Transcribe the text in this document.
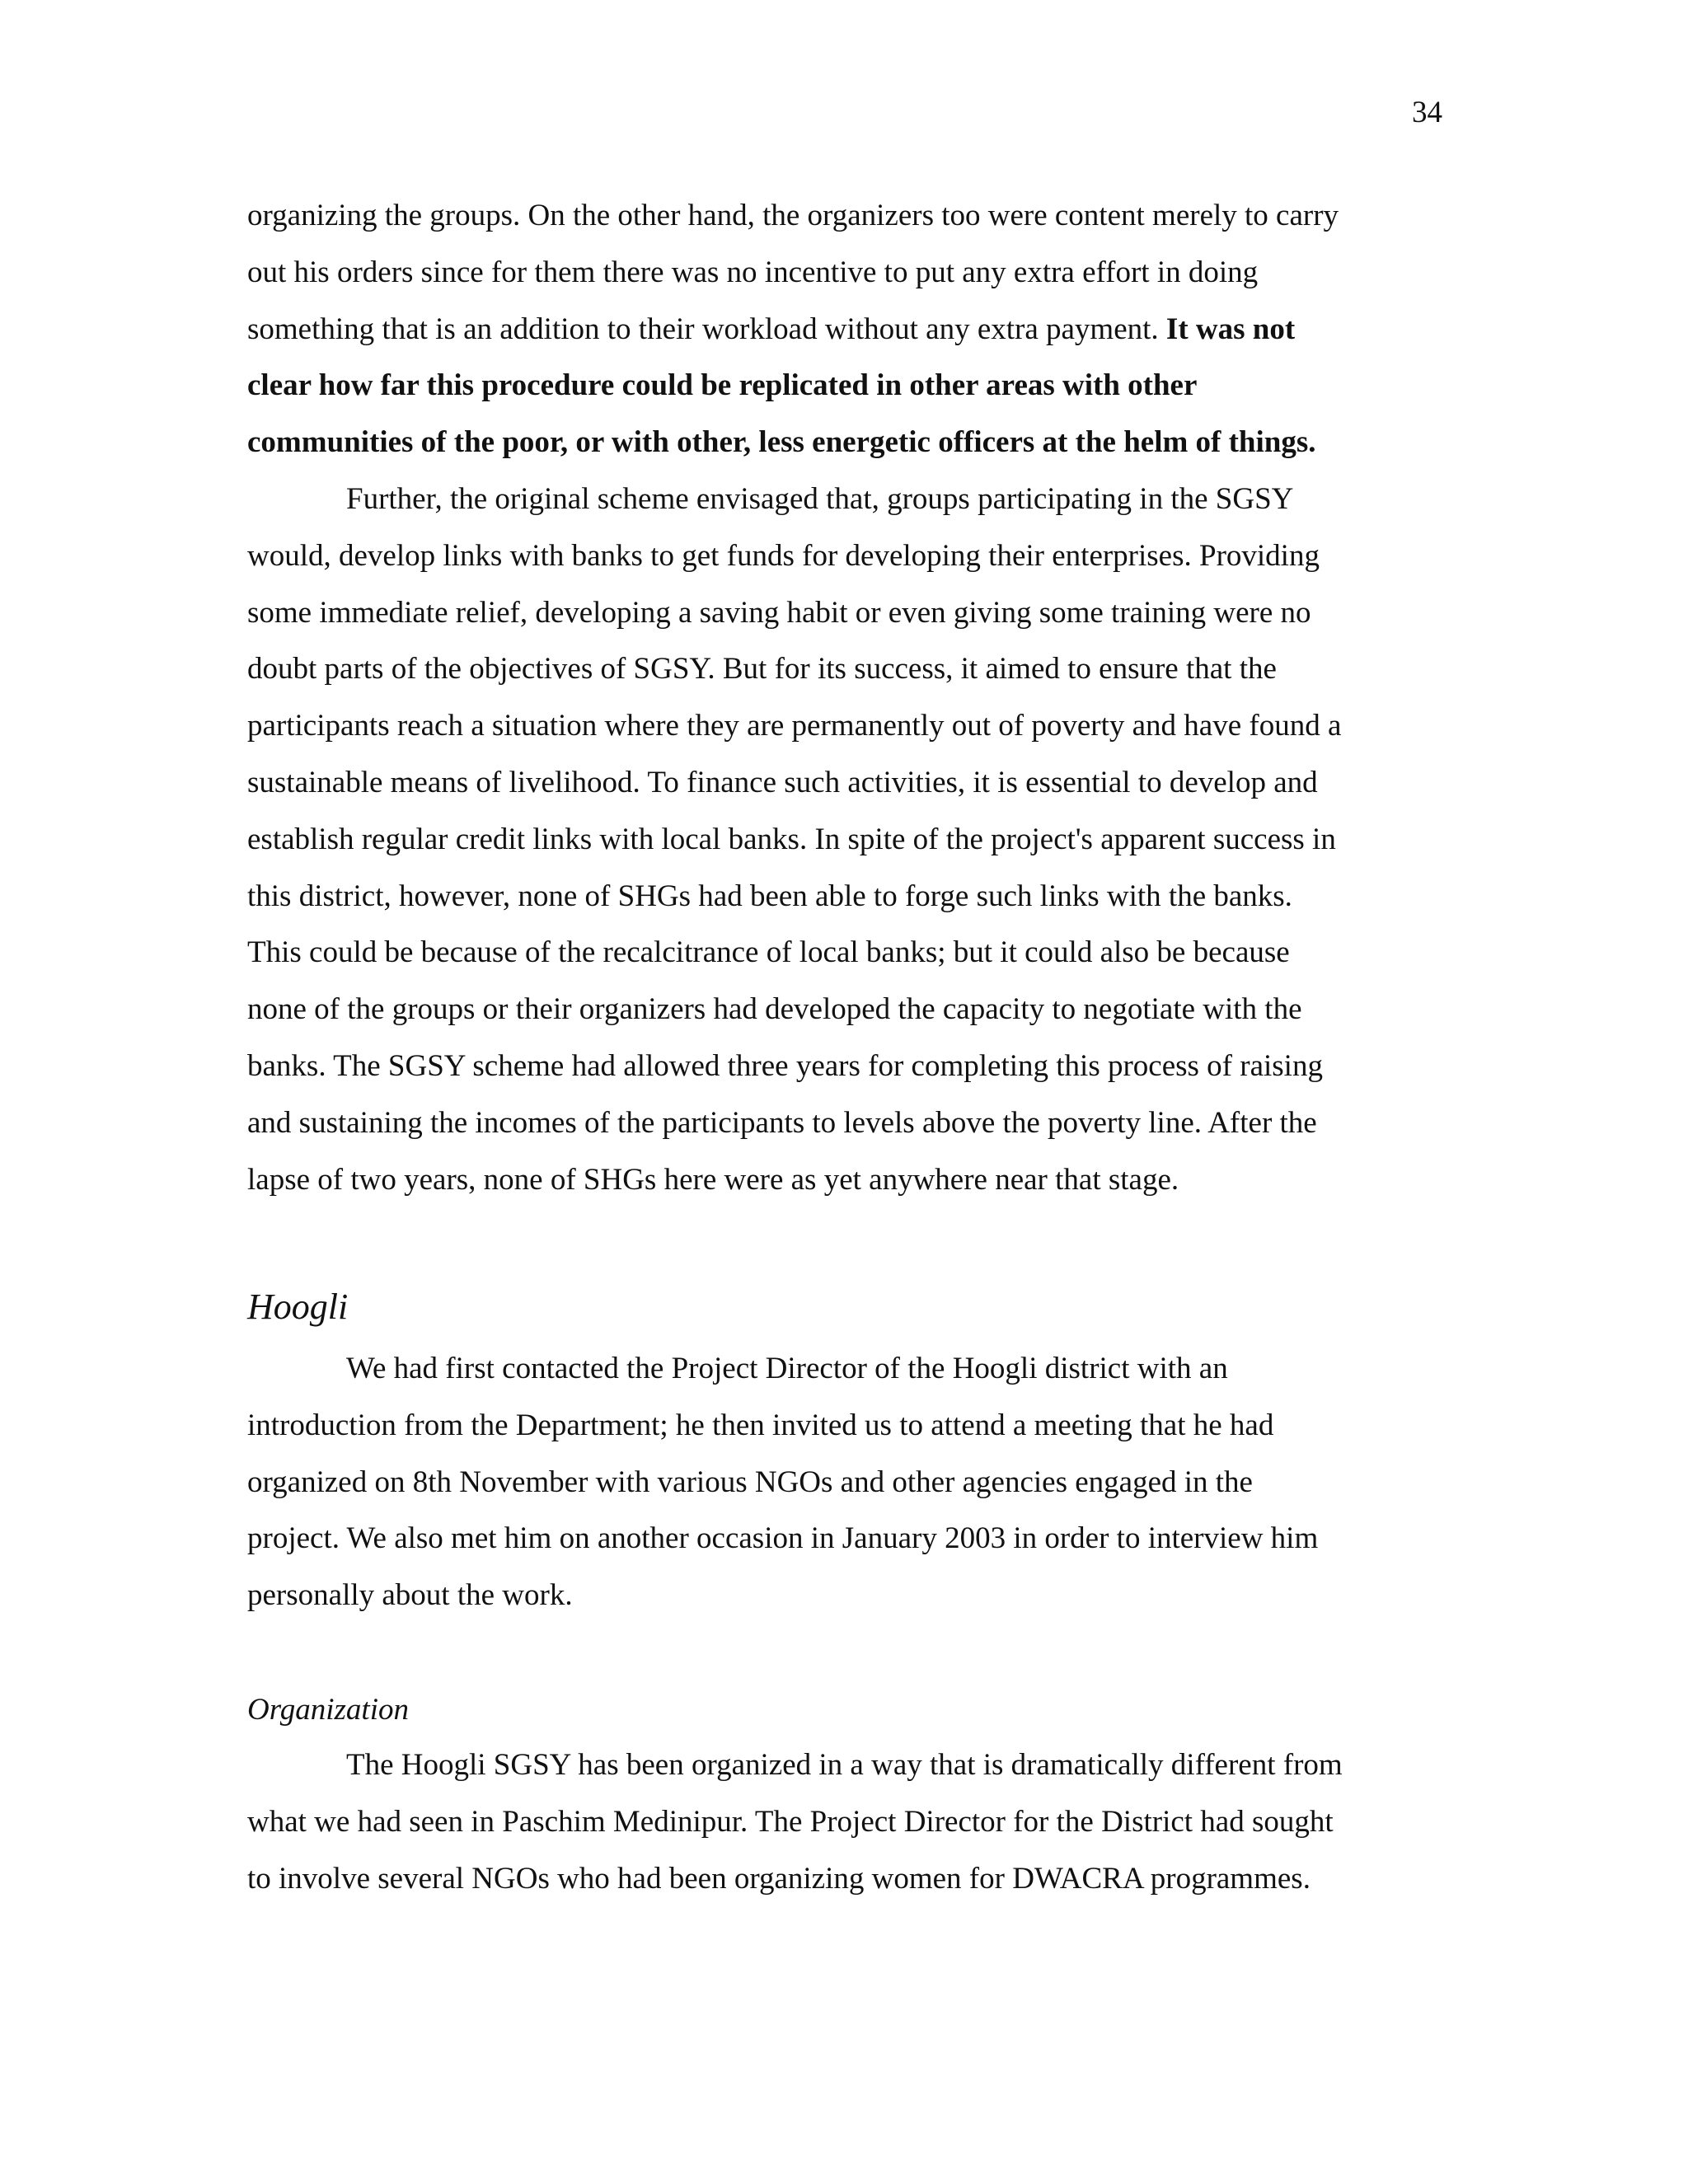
34
organizing the groups. On the other hand, the organizers too were content merely to carry
out his orders since for them there was no incentive to put any extra effort in doing
something that is an addition to their workload without any extra payment. It was not
clear how far this procedure could be replicated in other areas with other
communities of the poor, or with other, less energetic officers at the helm of things.
Further, the original scheme envisaged that, groups participating in the SGSY
would, develop links with banks to get funds for developing their enterprises. Providing
some immediate relief, developing a saving habit or even giving some training were no
doubt parts of the objectives of SGSY. But for its success, it aimed to ensure that the
participants reach a situation where they are permanently out of poverty and have found a
sustainable means of livelihood. To finance such activities, it is essential to develop and
establish regular credit links with local banks. In spite of the project's apparent success in
this district, however, none of SHGs had been able to forge such links with the banks.
This could be because of the recalcitrance of local banks; but it could also be because
none of the groups or their organizers had developed the capacity to negotiate with the
banks. The SGSY scheme had allowed three years for completing this process of raising
and sustaining the incomes of the participants to levels above the poverty line. After the
lapse of two years, none of SHGs here were as yet anywhere near that stage.
Hoogli
We had first contacted the Project Director of the Hoogli district with an
introduction from the Department; he then invited us to attend a meeting that he had
organized on 8th November with various NGOs and other agencies engaged in the
project. We also met him on another occasion in January 2003 in order to interview him
personally about the work.
Organization
The Hoogli SGSY has been organized in a way that is dramatically different from
what we had seen in Paschim Medinipur. The Project Director for the District had sought
to involve several NGOs who had been organizing women for DWACRA programmes.
